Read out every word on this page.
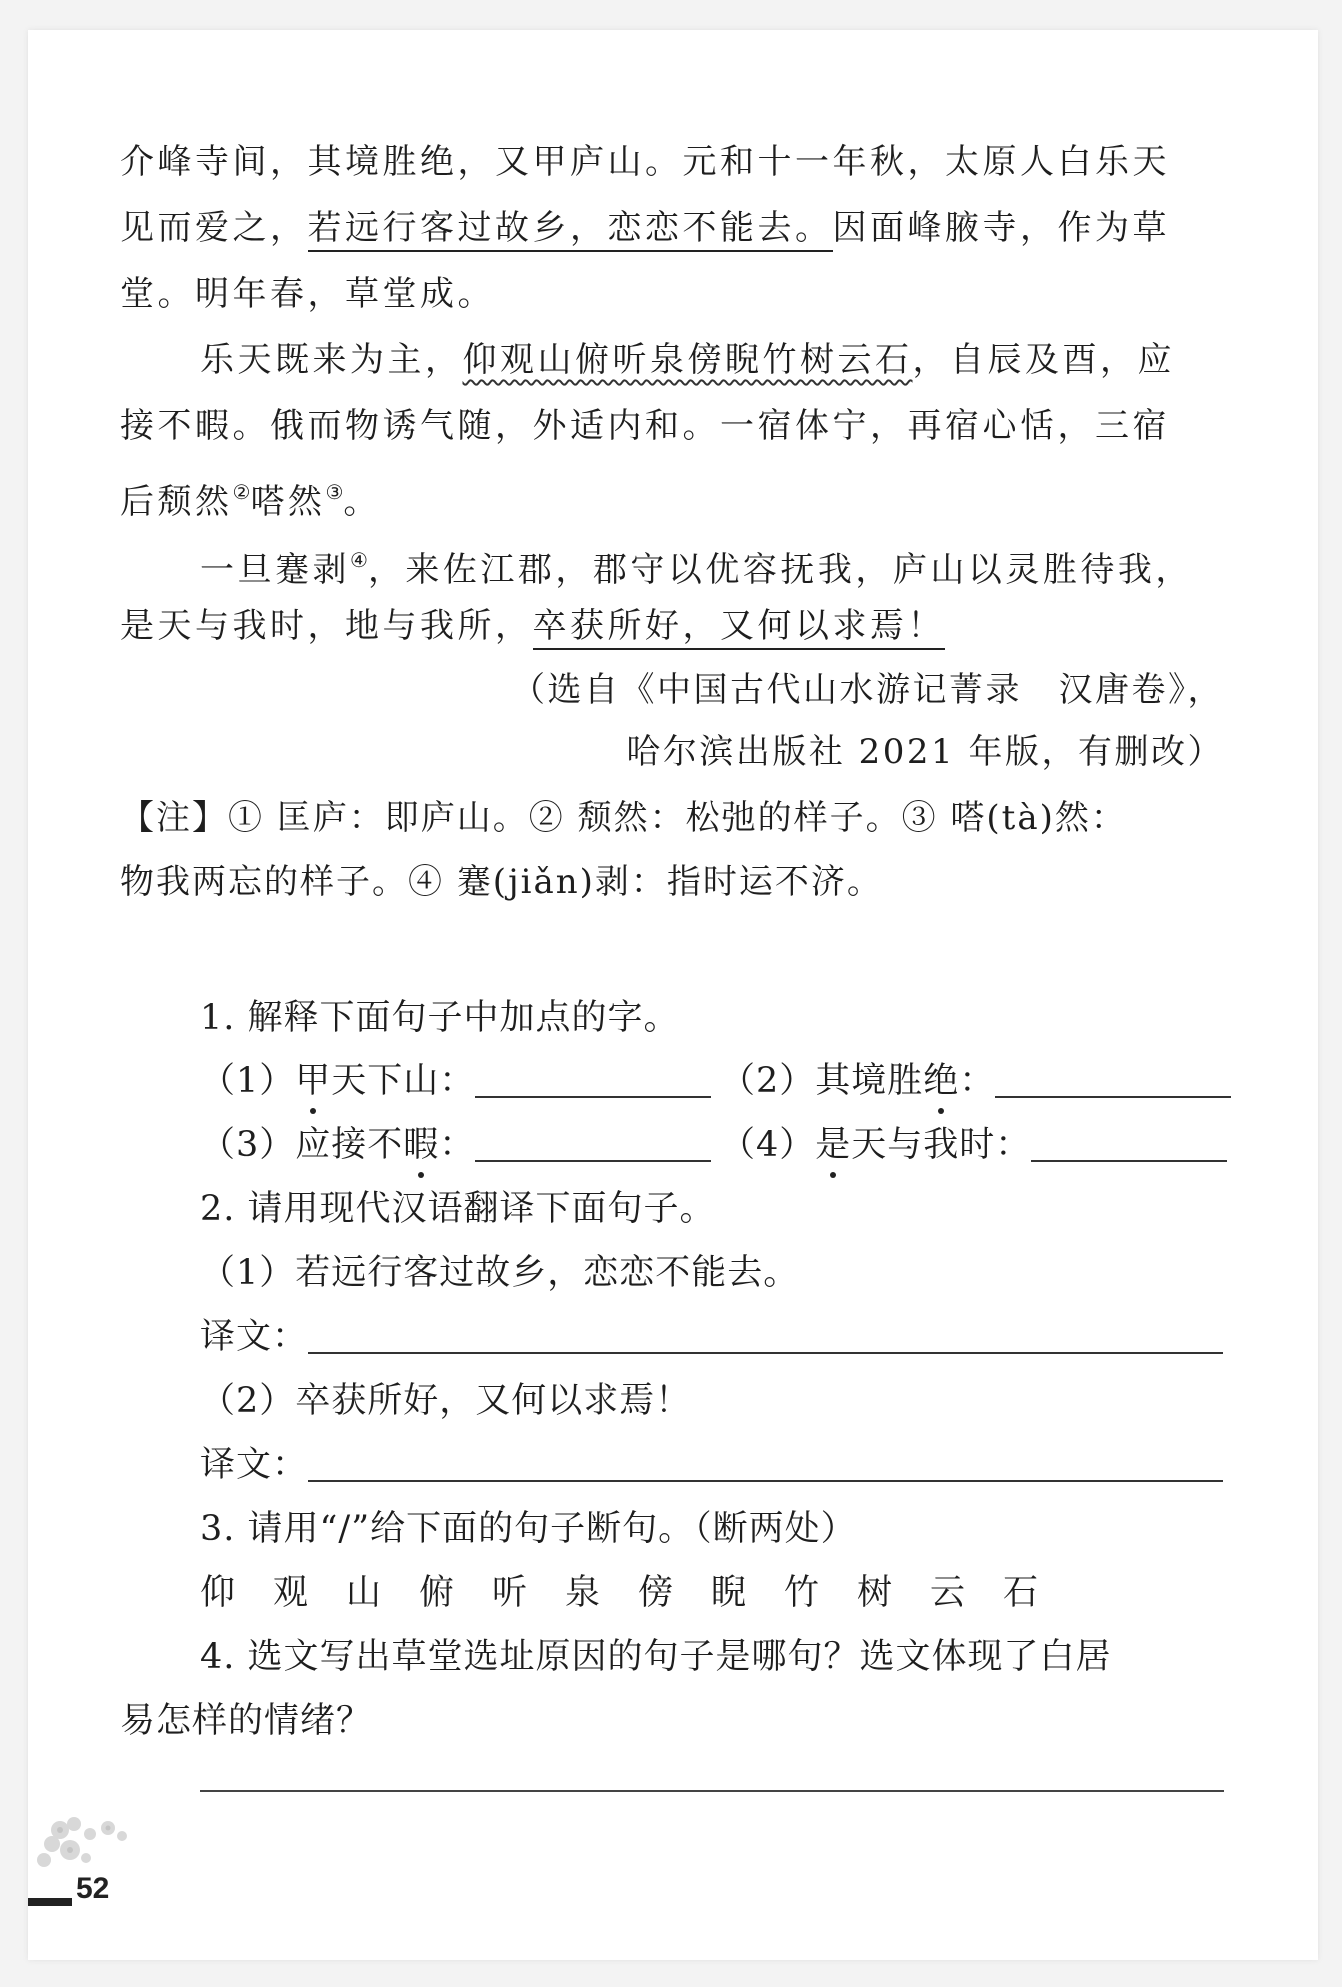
介峰寺间，其境胜绝，又甲庐山。元和十一年秋，太原人白乐天
见而爱之，若远行客过故乡，恋恋不能去。因面峰腋寺，作为草
堂。明年春，草堂成。
乐天既来为主，仰观山俯听泉傍睨竹树云石，自辰及酉，应
接不暇。俄而物诱气随，外适内和。一宿体宁，再宿心恬，三宿
后颓然②嗒然③。
一旦蹇剥④，来佐江郡，郡守以优容抚我，庐山以灵胜待我，
是天与我时，地与我所，卒获所好，又何以求焉！
（选自《中国古代山水游记菁录　汉唐卷》，
哈尔滨出版社 2021 年版，有删改）
【注】① 匡庐：即庐山。② 颓然：松弛的样子。③ 嗒(tà)然：
物我两忘的样子。④ 蹇(jiǎn)剥：指时运不济。
1. 解释下面句子中加点的字。
（1）甲天下山：	（2）其境胜绝：
（3）应接不暇：	（4）是天与我时：
2. 请用现代汉语翻译下面句子。
（1）若远行客过故乡，恋恋不能去。
译文：
（2）卒获所好，又何以求焉！
译文：
3. 请用“/”给下面的句子断句。（断两处）
仰观山俯听泉傍睨竹树云石
4. 选文写出草堂选址原因的句子是哪句？选文体现了白居
易怎样的情绪？
52
